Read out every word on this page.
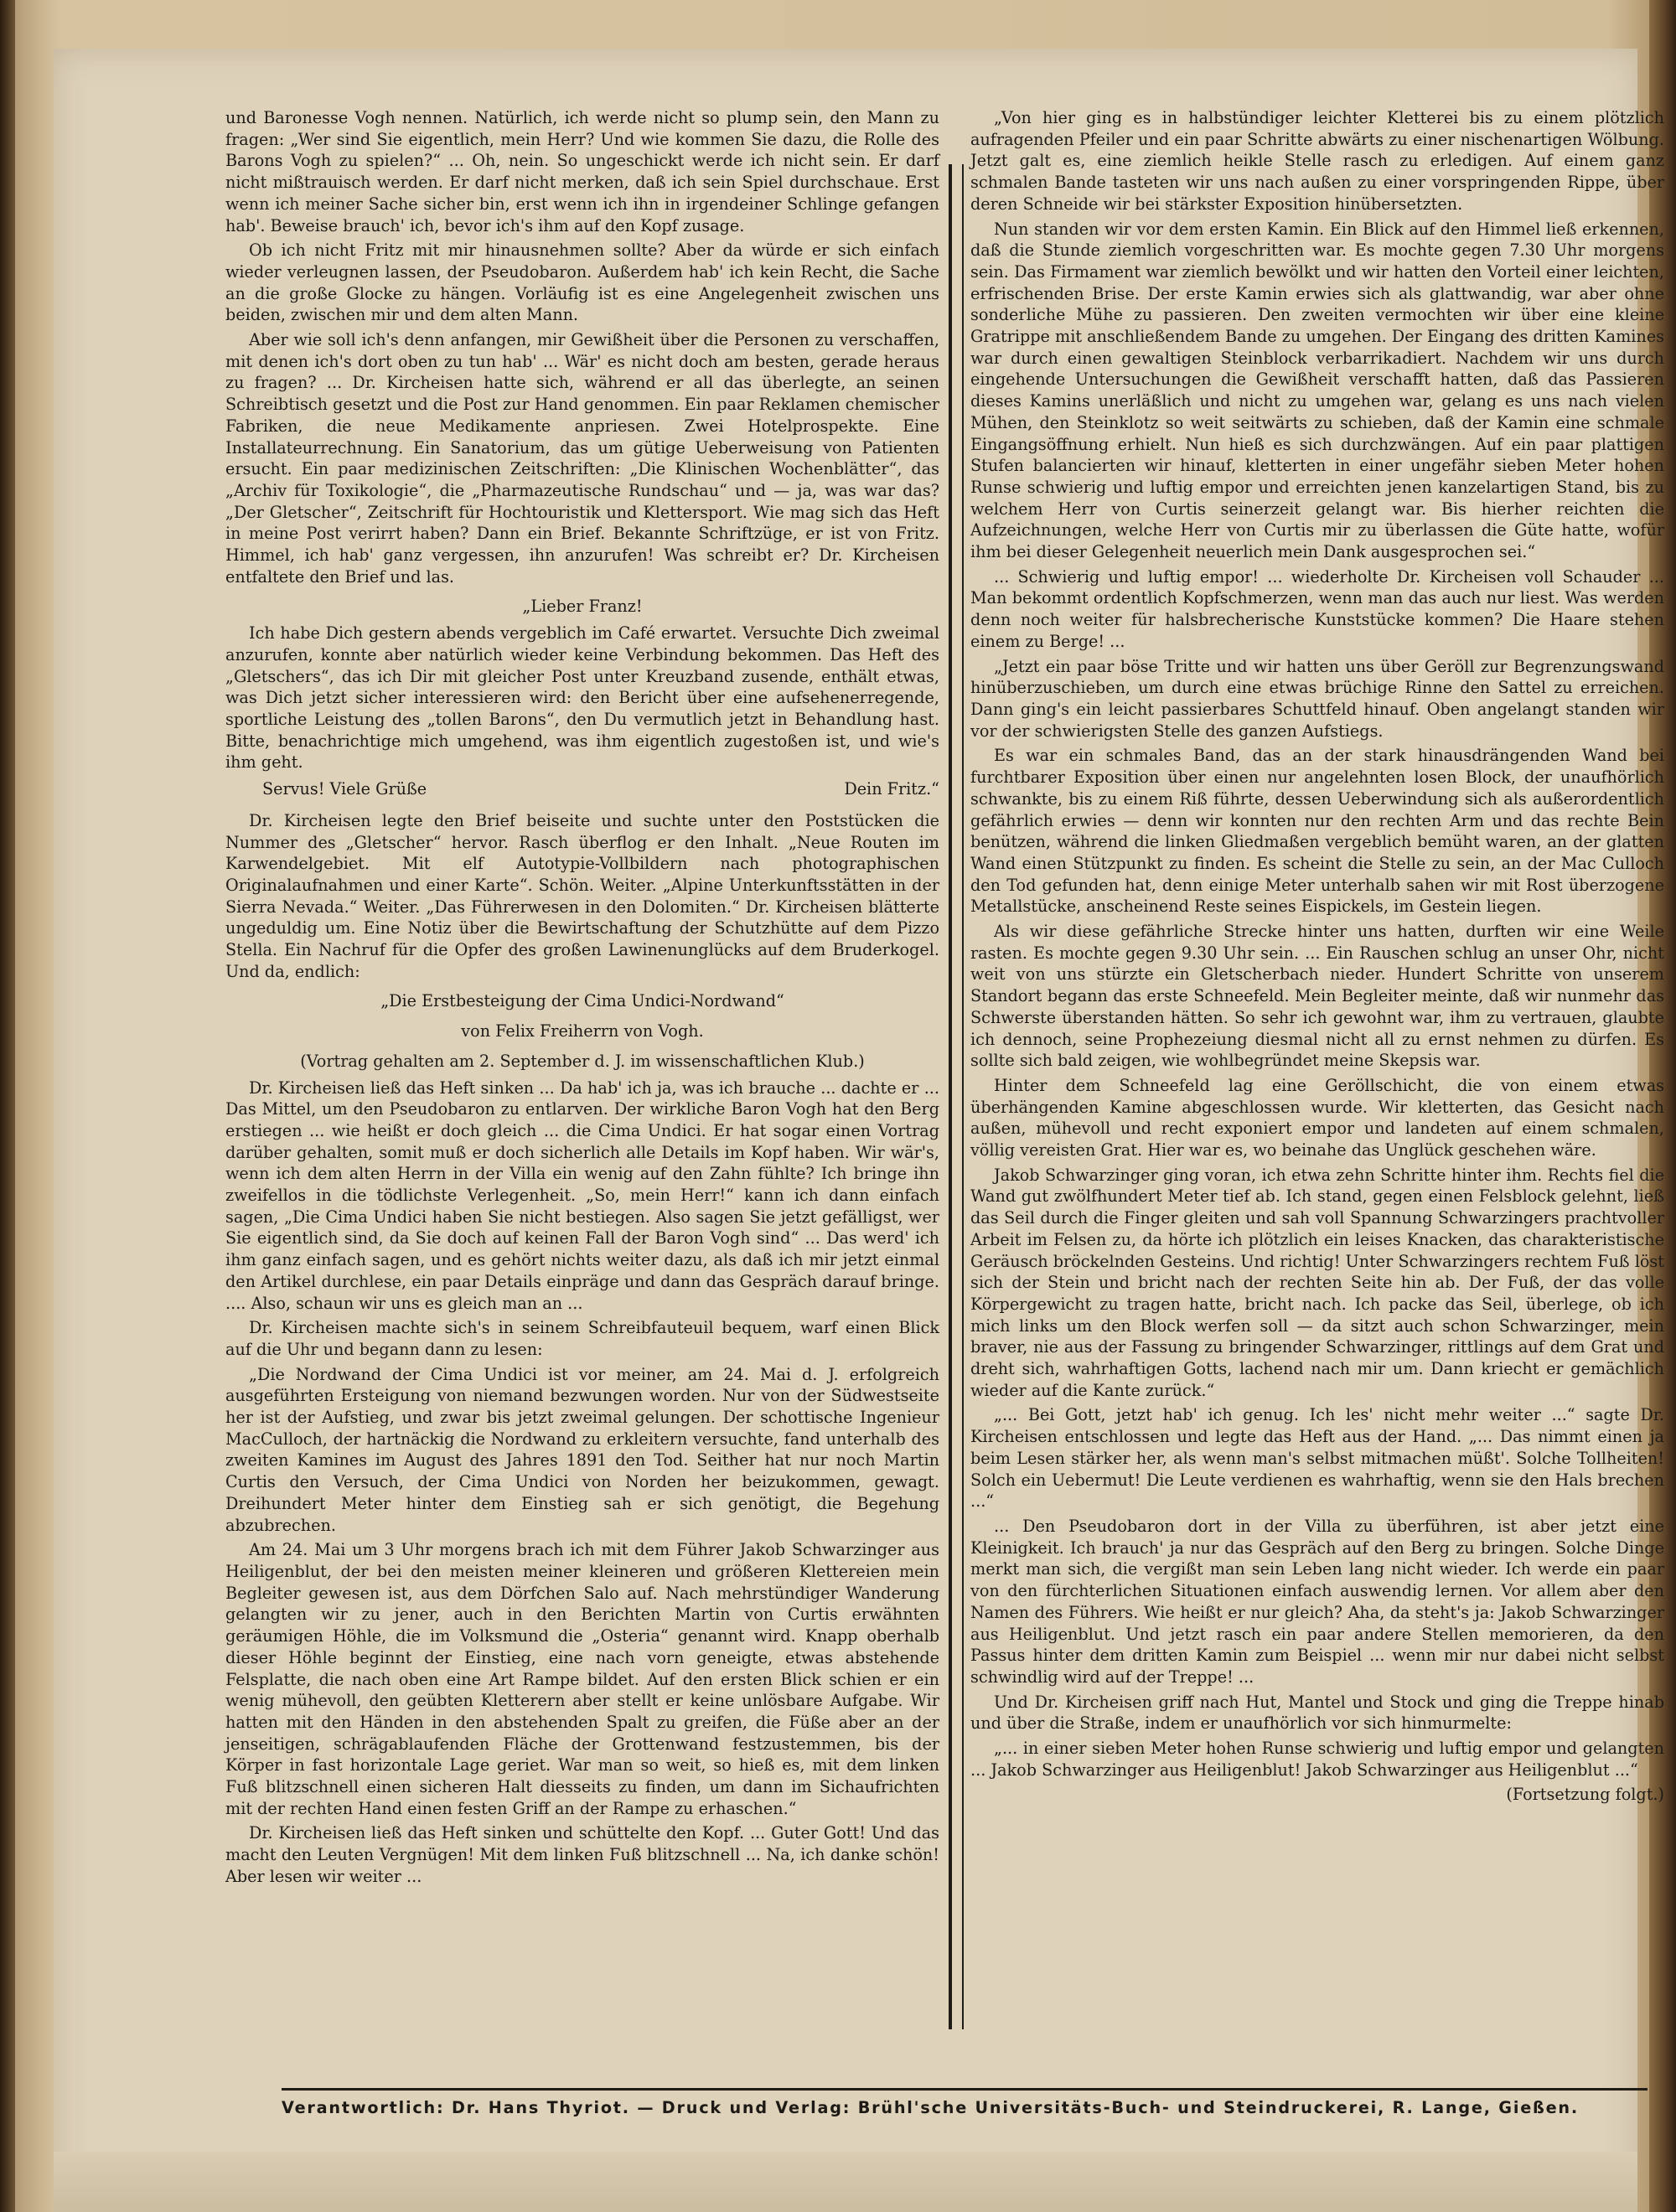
und Baronesse Vogh nennen. Natürlich, ich werde nicht so plump sein, den Mann zu fragen: „Wer sind Sie eigentlich, mein Herr? Und wie kommen Sie dazu, die Rolle des Barons Vogh zu spielen?“ ... Oh, nein. So ungeschickt werde ich nicht sein. Er darf nicht mißtrauisch werden. Er darf nicht merken, daß ich sein Spiel durchschaue. Erst wenn ich meiner Sache sicher bin, erst wenn ich ihn in irgendeiner Schlinge gefangen hab'. Beweise brauch' ich, bevor ich's ihm auf den Kopf zusage.

Ob ich nicht Fritz mit mir hinausnehmen sollte? Aber da würde er sich einfach wieder verleugnen lassen, der Pseudobaron. Außerdem hab' ich kein Recht, die Sache an die große Glocke zu hängen. Vorläufig ist es eine Angelegenheit zwischen uns beiden, zwischen mir und dem alten Mann.

Aber wie soll ich's denn anfangen, mir Gewißheit über die Personen zu verschaffen, mit denen ich's dort oben zu tun hab' ... Wär' es nicht doch am besten, gerade heraus zu fragen? ... Dr. Kircheisen hatte sich, während er all das überlegte, an seinen Schreibtisch gesetzt und die Post zur Hand genommen. Ein paar Reklamen chemischer Fabriken, die neue Medikamente anpriesen. Zwei Hotelprospekte. Eine Installateurrechnung. Ein Sanatorium, das um gütige Ueberweisung von Patienten ersucht. Ein paar medizinischen Zeitschriften: „Die Klinischen Wochenblätter“, das „Archiv für Toxikologie“, die „Pharmazeutische Rundschau“ und — ja, was war das? „Der Gletscher“, Zeitschrift für Hochtouristik und Klettersport. Wie mag sich das Heft in meine Post verirrt haben? Dann ein Brief. Bekannte Schriftzüge, er ist von Fritz. Himmel, ich hab' ganz vergessen, ihn anzurufen! Was schreibt er? Dr. Kircheisen entfaltete den Brief und las.

„Lieber Franz!

Ich habe Dich gestern abends vergeblich im Café erwartet. Versuchte Dich zweimal anzurufen, konnte aber natürlich wieder keine Verbindung bekommen. Das Heft des „Gletschers“, das ich Dir mit gleicher Post unter Kreuzband zusende, enthält etwas, was Dich jetzt sicher interessieren wird: den Bericht über eine aufsehenerregende, sportliche Leistung des „tollen Barons“, den Du vermutlich jetzt in Behandlung hast. Bitte, benachrichtige mich umgehend, was ihm eigentlich zugestoßen ist, und wie's ihm geht.

Servus! Viele Grüße	Dein Fritz.“

Dr. Kircheisen legte den Brief beiseite und suchte unter den Poststücken die Nummer des „Gletscher“ hervor. Rasch überflog er den Inhalt. „Neue Routen im Karwendelgebiet. Mit elf Autotypie-Vollbildern nach photographischen Originalaufnahmen und einer Karte“. Schön. Weiter. „Alpine Unterkunftsstätten in der Sierra Nevada.“ Weiter. „Das Führerwesen in den Dolomiten.“ Dr. Kircheisen blätterte ungeduldig um. Eine Notiz über die Bewirtschaftung der Schutzhütte auf dem Pizzo Stella. Ein Nachruf für die Opfer des großen Lawinenunglücks auf dem Bruderkogel. Und da, endlich:

„Die Erstbesteigung der Cima Undici-Nordwand“

von Felix Freiherrn von Vogh.

(Vortrag gehalten am 2. September d. J. im wissenschaftlichen Klub.)

Dr. Kircheisen ließ das Heft sinken ... Da hab' ich ja, was ich brauche ... dachte er ... Das Mittel, um den Pseudobaron zu entlarven. Der wirkliche Baron Vogh hat den Berg erstiegen ... wie heißt er doch gleich ... die Cima Undici. Er hat sogar einen Vortrag darüber gehalten, somit muß er doch sicherlich alle Details im Kopf haben. Wir wär's, wenn ich dem alten Herrn in der Villa ein wenig auf den Zahn fühlte? Ich bringe ihn zweifellos in die tödlichste Verlegenheit. „So, mein Herr!“ kann ich dann einfach sagen, „Die Cima Undici haben Sie nicht bestiegen. Also sagen Sie jetzt gefälligst, wer Sie eigentlich sind, da Sie doch auf keinen Fall der Baron Vogh sind“ ... Das werd' ich ihm ganz einfach sagen, und es gehört nichts weiter dazu, als daß ich mir jetzt einmal den Artikel durchlese, ein paar Details einpräge und dann das Gespräch darauf bringe. .... Also, schaun wir uns es gleich man an ...

Dr. Kircheisen machte sich's in seinem Schreibfauteuil bequem, warf einen Blick auf die Uhr und begann dann zu lesen:

„Die Nordwand der Cima Undici ist vor meiner, am 24. Mai d. J. erfolgreich ausgeführten Ersteigung von niemand bezwungen worden. Nur von der Südwestseite her ist der Aufstieg, und zwar bis jetzt zweimal gelungen. Der schottische Ingenieur MacCulloch, der hartnäckig die Nordwand zu erkleitern versuchte, fand unterhalb des zweiten Kamines im August des Jahres 1891 den Tod. Seither hat nur noch Martin Curtis den Versuch, der Cima Undici von Norden her beizukommen, gewagt. Dreihundert Meter hinter dem Einstieg sah er sich genötigt, die Begehung abzubrechen.

Am 24. Mai um 3 Uhr morgens brach ich mit dem Führer Jakob Schwarzinger aus Heiligenblut, der bei den meisten meiner kleineren und größeren Klettereien mein Begleiter gewesen ist, aus dem Dörfchen Salo auf. Nach mehrstündiger Wanderung gelangten wir zu jener, auch in den Berichten Martin von Curtis erwähnten geräumigen Höhle, die im Volksmund die „Osteria“ genannt wird. Knapp oberhalb dieser Höhle beginnt der Einstieg, eine nach vorn geneigte, etwas abstehende Felsplatte, die nach oben eine Art Rampe bildet. Auf den ersten Blick schien er ein wenig mühevoll, den geübten Kletterern aber stellt er keine unlösbare Aufgabe. Wir hatten mit den Händen in den abstehenden Spalt zu greifen, die Füße aber an der jenseitigen, schrägablaufenden Fläche der Grottenwand festzustemmen, bis der Körper in fast horizontale Lage geriet. War man so weit, so hieß es, mit dem linken Fuß blitzschnell einen sicheren Halt diesseits zu finden, um dann im Sichaufrichten mit der rechten Hand einen festen Griff an der Rampe zu erhaschen.“

Dr. Kircheisen ließ das Heft sinken und schüttelte den Kopf. ... Guter Gott! Und das macht den Leuten Vergnügen! Mit dem linken Fuß blitzschnell ... Na, ich danke schön! Aber lesen wir weiter ...

„Von hier ging es in halbstündiger leichter Kletterei bis zu einem plötzlich aufragenden Pfeiler und ein paar Schritte abwärts zu einer nischenartigen Wölbung. Jetzt galt es, eine ziemlich heikle Stelle rasch zu erledigen. Auf einem ganz schmalen Bande tasteten wir uns nach außen zu einer vorspringenden Rippe, über deren Schneide wir bei stärkster Exposition hinübersetzten.

Nun standen wir vor dem ersten Kamin. Ein Blick auf den Himmel ließ erkennen, daß die Stunde ziemlich vorgeschritten war. Es mochte gegen 7.30 Uhr morgens sein. Das Firmament war ziemlich bewölkt und wir hatten den Vorteil einer leichten, erfrischenden Brise. Der erste Kamin erwies sich als glattwandig, war aber ohne sonderliche Mühe zu passieren. Den zweiten vermochten wir über eine kleine Gratrippe mit anschließendem Bande zu umgehen. Der Eingang des dritten Kamines war durch einen gewaltigen Steinblock verbarrikadiert. Nachdem wir uns durch eingehende Untersuchungen die Gewißheit verschafft hatten, daß das Passieren dieses Kamins unerläßlich und nicht zu umgehen war, gelang es uns nach vielen Mühen, den Steinklotz so weit seitwärts zu schieben, daß der Kamin eine schmale Eingangsöffnung erhielt. Nun hieß es sich durchzwängen. Auf ein paar plattigen Stufen balancierten wir hinauf, kletterten in einer ungefähr sieben Meter hohen Runse schwierig und luftig empor und erreichten jenen kanzelartigen Stand, bis zu welchem Herr von Curtis seinerzeit gelangt war. Bis hierher reichten die Aufzeichnungen, welche Herr von Curtis mir zu überlassen die Güte hatte, wofür ihm bei dieser Gelegenheit neuerlich mein Dank ausgesprochen sei.“

... Schwierig und luftig empor! ... wiederholte Dr. Kircheisen voll Schauder ... Man bekommt ordentlich Kopfschmerzen, wenn man das auch nur liest. Was werden denn noch weiter für halsbrecherische Kunststücke kommen? Die Haare stehen einem zu Berge! ...

„Jetzt ein paar böse Tritte und wir hatten uns über Geröll zur Begrenzungswand hinüberzuschieben, um durch eine etwas brüchige Rinne den Sattel zu erreichen. Dann ging's ein leicht passierbares Schuttfeld hinauf. Oben angelangt standen wir vor der schwierigsten Stelle des ganzen Aufstiegs.

Es war ein schmales Band, das an der stark hinausdrängenden Wand bei furchtbarer Exposition über einen nur angelehnten losen Block, der unaufhörlich schwankte, bis zu einem Riß führte, dessen Ueberwindung sich als außerordentlich gefährlich erwies — denn wir konnten nur den rechten Arm und das rechte Bein benützen, während die linken Gliedmaßen vergeblich bemüht waren, an der glatten Wand einen Stützpunkt zu finden. Es scheint die Stelle zu sein, an der Mac Culloch den Tod gefunden hat, denn einige Meter unterhalb sahen wir mit Rost überzogene Metallstücke, anscheinend Reste seines Eispickels, im Gestein liegen.

Als wir diese gefährliche Strecke hinter uns hatten, durften wir eine Weile rasten. Es mochte gegen 9.30 Uhr sein. ... Ein Rauschen schlug an unser Ohr, nicht weit von uns stürzte ein Gletscherbach nieder. Hundert Schritte von unserem Standort begann das erste Schneefeld. Mein Begleiter meinte, daß wir nunmehr das Schwerste überstanden hätten. So sehr ich gewohnt war, ihm zu vertrauen, glaubte ich dennoch, seine Prophezeiung diesmal nicht all zu ernst nehmen zu dürfen. Es sollte sich bald zeigen, wie wohlbegründet meine Skepsis war.

Hinter dem Schneefeld lag eine Geröllschicht, die von einem etwas überhängenden Kamine abgeschlossen wurde. Wir kletterten, das Gesicht nach außen, mühevoll und recht exponiert empor und landeten auf einem schmalen, völlig vereisten Grat. Hier war es, wo beinahe das Unglück geschehen wäre.

Jakob Schwarzinger ging voran, ich etwa zehn Schritte hinter ihm. Rechts fiel die Wand gut zwölfhundert Meter tief ab. Ich stand, gegen einen Felsblock gelehnt, ließ das Seil durch die Finger gleiten und sah voll Spannung Schwarzingers prachtvoller Arbeit im Felsen zu, da hörte ich plötzlich ein leises Knacken, das charakteristische Geräusch bröckelnden Gesteins. Und richtig! Unter Schwarzingers rechtem Fuß löst sich der Stein und bricht nach der rechten Seite hin ab. Der Fuß, der das volle Körpergewicht zu tragen hatte, bricht nach. Ich packe das Seil, überlege, ob ich mich links um den Block werfen soll — da sitzt auch schon Schwarzinger, mein braver, nie aus der Fassung zu bringender Schwarzinger, rittlings auf dem Grat und dreht sich, wahrhaftigen Gotts, lachend nach mir um. Dann kriecht er gemächlich wieder auf die Kante zurück.“

„... Bei Gott, jetzt hab' ich genug. Ich les' nicht mehr weiter ...“ sagte Dr. Kircheisen entschlossen und legte das Heft aus der Hand. „... Das nimmt einen ja beim Lesen stärker her, als wenn man's selbst mitmachen müßt'. Solche Tollheiten! Solch ein Uebermut! Die Leute verdienen es wahrhaftig, wenn sie den Hals brechen ...“

... Den Pseudobaron dort in der Villa zu überführen, ist aber jetzt eine Kleinigkeit. Ich brauch' ja nur das Gespräch auf den Berg zu bringen. Solche Dinge merkt man sich, die vergißt man sein Leben lang nicht wieder. Ich werde ein paar von den fürchterlichen Situationen einfach auswendig lernen. Vor allem aber den Namen des Führers. Wie heißt er nur gleich? Aha, da steht's ja: Jakob Schwarzinger aus Heiligenblut. Und jetzt rasch ein paar andere Stellen memorieren, da den Passus hinter dem dritten Kamin zum Beispiel ... wenn mir nur dabei nicht selbst schwindlig wird auf der Treppe! ...

Und Dr. Kircheisen griff nach Hut, Mantel und Stock und ging die Treppe hinab und über die Straße, indem er unaufhörlich vor sich hinmurmelte:

„... in einer sieben Meter hohen Runse schwierig und luftig empor und gelangten ... Jakob Schwarzinger aus Heiligenblut! Jakob Schwarzinger aus Heiligenblut ...“

(Fortsetzung folgt.)

Verantwortlich: Dr. Hans Thyriot. — Druck und Verlag: Brühl'sche Universitäts-Buch- und Steindruckerei, R. Lange, Gießen.
